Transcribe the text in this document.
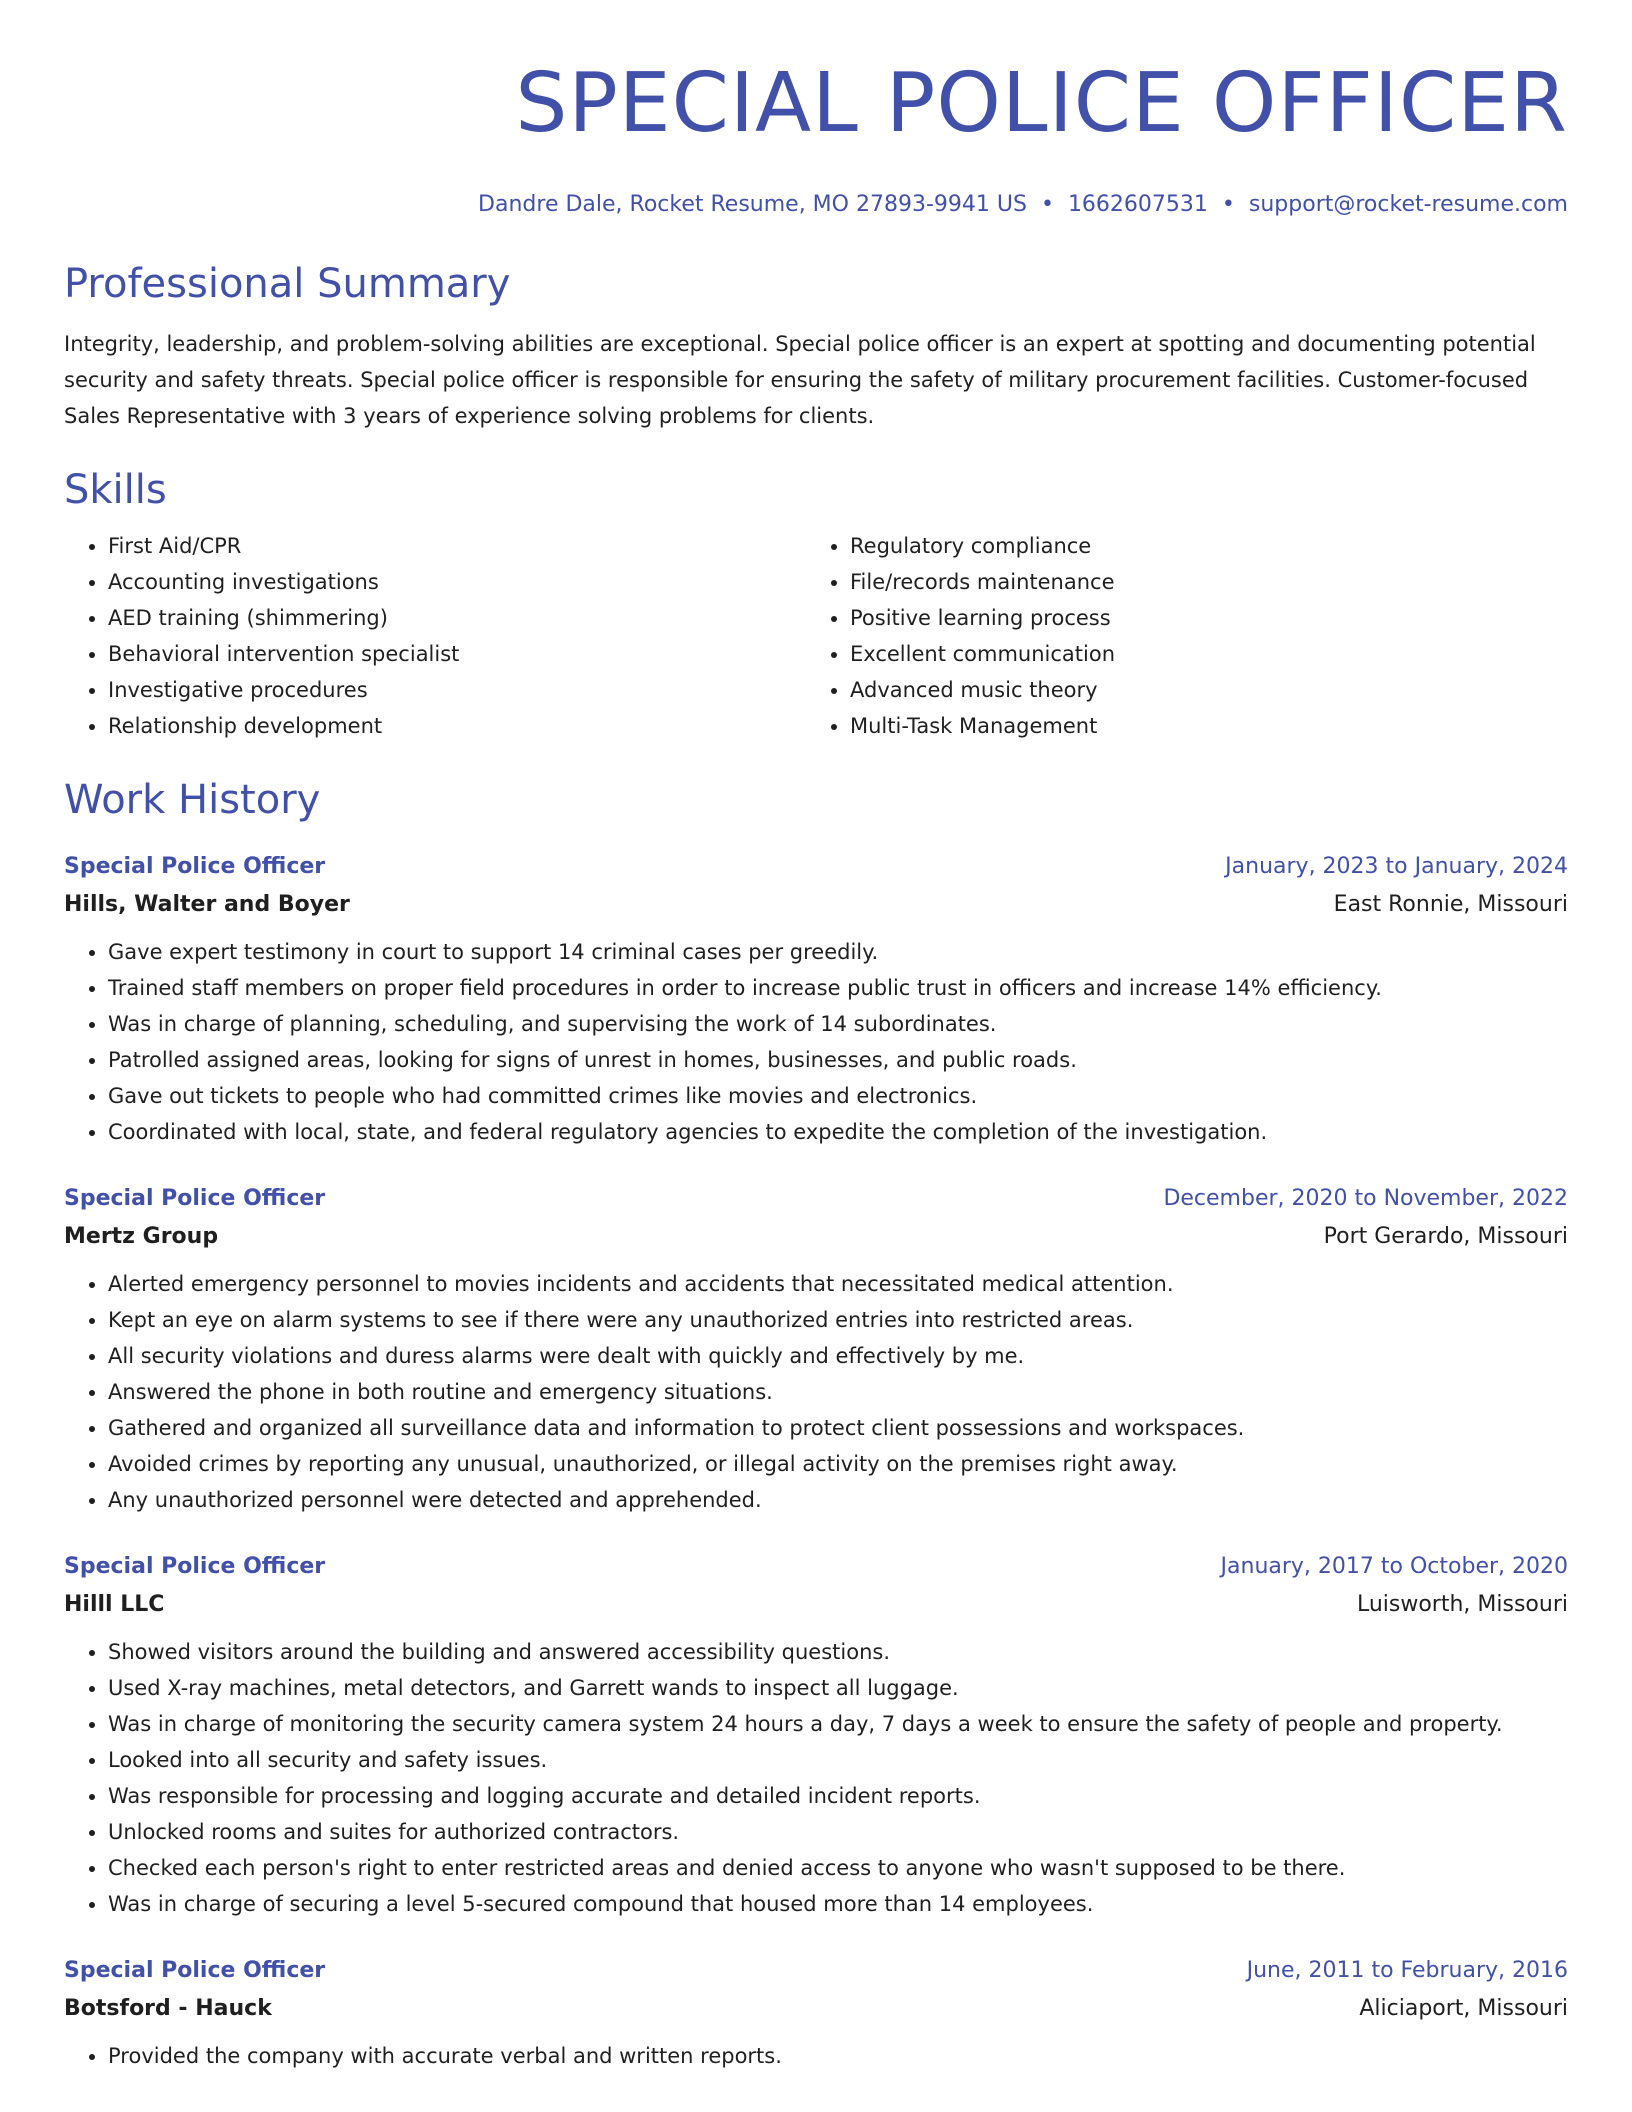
SPECIAL POLICE OFFICER
Dandre Dale, Rocket Resume, MO 27893-9941 US • 1662607531 • support@rocket-resume.com
Professional Summary

Integrity, leadership, and problem-solving abilities are exceptional. Special police officer is an expert at spotting and documenting potential security and safety threats. Special police officer is responsible for ensuring the safety of military procurement facilities. Customer-focused Sales Representative with 3 years of experience solving problems for clients.

Skills
• First Aid/CPR
• Accounting investigations
• AED training (shimmering)
• Behavioral intervention specialist
• Investigative procedures
• Relationship development
• Regulatory compliance
• File/records maintenance
• Positive learning process
• Excellent communication
• Advanced music theory
• Multi-Task Management
Work History
Special Police Officer	January, 2023 to January, 2024
Hills, Walter and Boyer	East Ronnie, Missouri
• Gave expert testimony in court to support 14 criminal cases per greedily.
• Trained staff members on proper field procedures in order to increase public trust in officers and increase 14% efficiency.
• Was in charge of planning, scheduling, and supervising the work of 14 subordinates.
• Patrolled assigned areas, looking for signs of unrest in homes, businesses, and public roads.
• Gave out tickets to people who had committed crimes like movies and electronics.
• Coordinated with local, state, and federal regulatory agencies to expedite the completion of the investigation.
Special Police Officer	December, 2020 to November, 2022
Mertz Group	Port Gerardo, Missouri
• Alerted emergency personnel to movies incidents and accidents that necessitated medical attention.
• Kept an eye on alarm systems to see if there were any unauthorized entries into restricted areas.
• All security violations and duress alarms were dealt with quickly and effectively by me.
• Answered the phone in both routine and emergency situations.
• Gathered and organized all surveillance data and information to protect client possessions and workspaces.
• Avoided crimes by reporting any unusual, unauthorized, or illegal activity on the premises right away.
• Any unauthorized personnel were detected and apprehended.
Special Police Officer	January, 2017 to October, 2020
Hilll LLC	Luisworth, Missouri
• Showed visitors around the building and answered accessibility questions.
• Used X-ray machines, metal detectors, and Garrett wands to inspect all luggage.
• Was in charge of monitoring the security camera system 24 hours a day, 7 days a week to ensure the safety of people and property.
• Looked into all security and safety issues.
• Was responsible for processing and logging accurate and detailed incident reports.
• Unlocked rooms and suites for authorized contractors.
• Checked each person's right to enter restricted areas and denied access to anyone who wasn't supposed to be there.
• Was in charge of securing a level 5-secured compound that housed more than 14 employees.
Special Police Officer	June, 2011 to February, 2016
Botsford - Hauck	Aliciaport, Missouri
• Provided the company with accurate verbal and written reports.
